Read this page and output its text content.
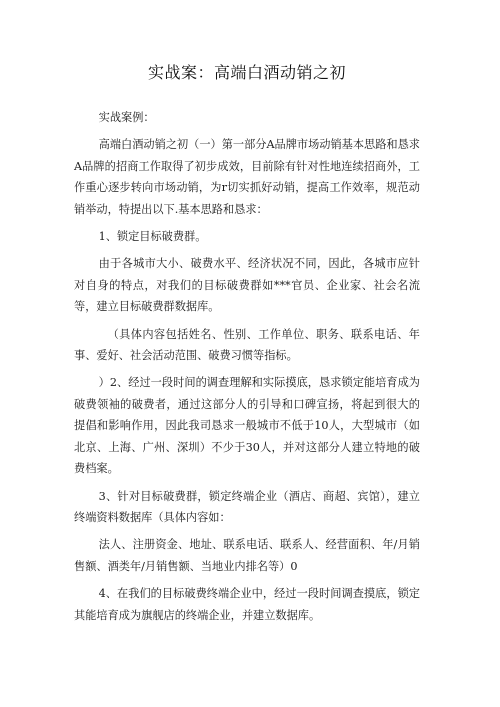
实战案：高端白酒动销之初

实战案例：

高端白酒动销之初（一）第一部分A品牌市场动销基本思路和恳求A品牌的招商工作取得了初步成效，目前除有针对性地连续招商外，工作重心逐步转向市场动销，为r切实抓好动销，提高工作效率，规范动销举动，特提出以下.基本思路和恳求：

1、锁定目标破费群。

由于各城市大小、破费水平、经济状况不同，因此，各城市应针对自身的特点，对我们的目标破费群如***官员、企业家、社会名流等，建立目标破费群数据库。

（具体内容包括姓名、性别、工作单位、职务、联系电话、年事、爱好、社会活动范围、破费习惯等指标。

）2、经过一段时间的调查理解和实际摸底，恳求锁定能培育成为破费领袖的破费者，通过这部分人的引导和口碑宣扬，将起到很大的提倡和影响作用，因此我司恳求一般城市不低于10人，大型城市（如北京、上海、广州、深圳）不少于30人，并对这部分人建立特地的破费档案。

3、针对目标破费群，锁定终端企业（酒店、商超、宾馆），建立终端资料数据库（具体内容如：

法人、注册资金、地址、联系电话、联系人、经营面积、年/月销售额、酒类年/月销售额、当地业内排名等）0

4、在我们的目标破费终端企业中，经过一段时间调查摸底，锁定其能培育成为旗舰店的终端企业，并建立数据库。
